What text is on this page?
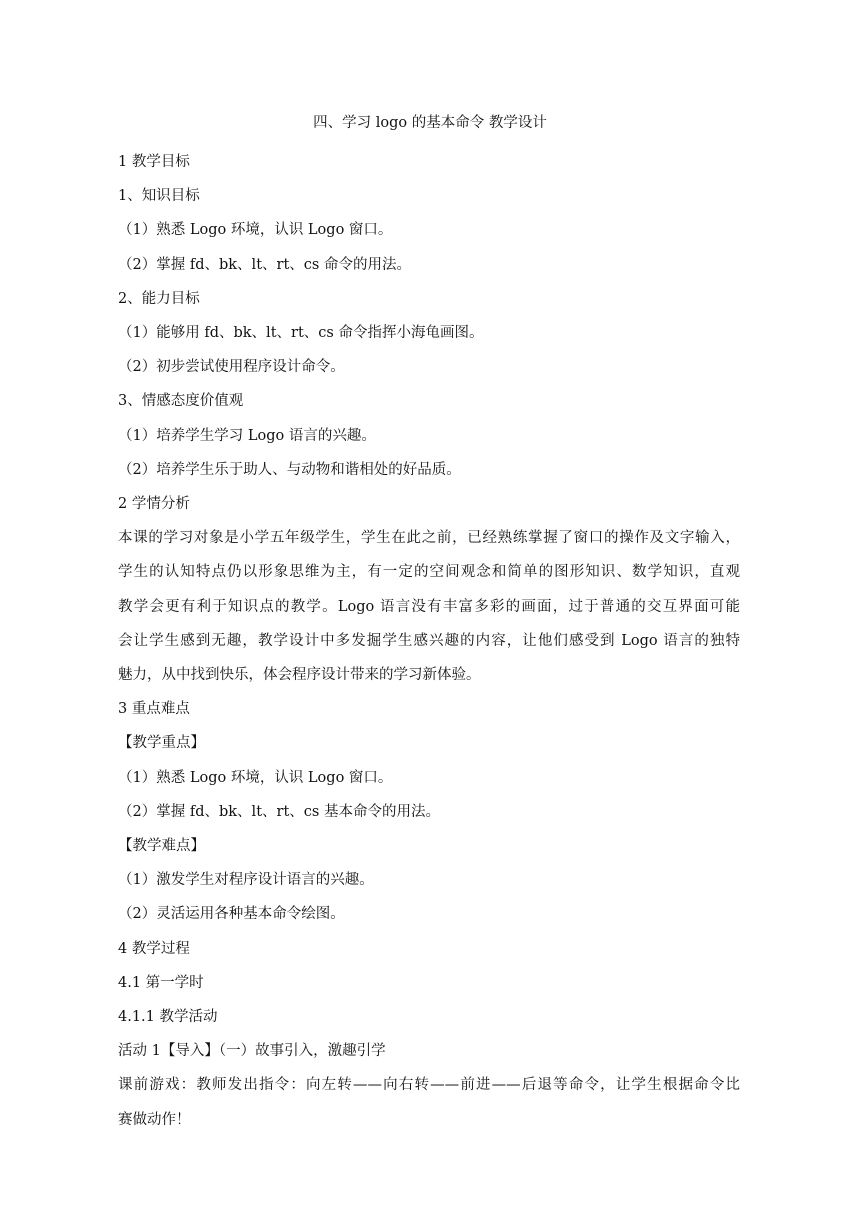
四、学习 logo 的基本命令 教学设计

1 教学目标

1、知识目标

（1）熟悉 Logo 环境，认识 Logo 窗口。

（2）掌握 fd、bk、lt、rt、cs 命令的用法。

2、能力目标

（1）能够用 fd、bk、lt、rt、cs 命令指挥小海龟画图。

（2）初步尝试使用程序设计命令。

3、情感态度价值观

（1）培养学生学习 Logo 语言的兴趣。

（2）培养学生乐于助人、与动物和谐相处的好品质。

2 学情分析

本课的学习对象是小学五年级学生，学生在此之前，已经熟练掌握了窗口的操作及文字输入，

学生的认知特点仍以形象思维为主，有一定的空间观念和简单的图形知识、数学知识，直观

教学会更有利于知识点的教学。Logo 语言没有丰富多彩的画面，过于普通的交互界面可能

会让学生感到无趣，教学设计中多发掘学生感兴趣的内容，让他们感受到 Logo 语言的独特

魅力，从中找到快乐，体会程序设计带来的学习新体验。

3 重点难点

【教学重点】

（1）熟悉 Logo 环境，认识 Logo 窗口。

（2）掌握 fd、bk、lt、rt、cs 基本命令的用法。

【教学难点】

（1）激发学生对程序设计语言的兴趣。

（2）灵活运用各种基本命令绘图。

4 教学过程

4.1 第一学时

4.1.1 教学活动

活动 1【导入】（一）故事引入，激趣引学

课前游戏：教师发出指令：向左转——向右转——前进——后退等命令，让学生根据命令比

赛做动作！
